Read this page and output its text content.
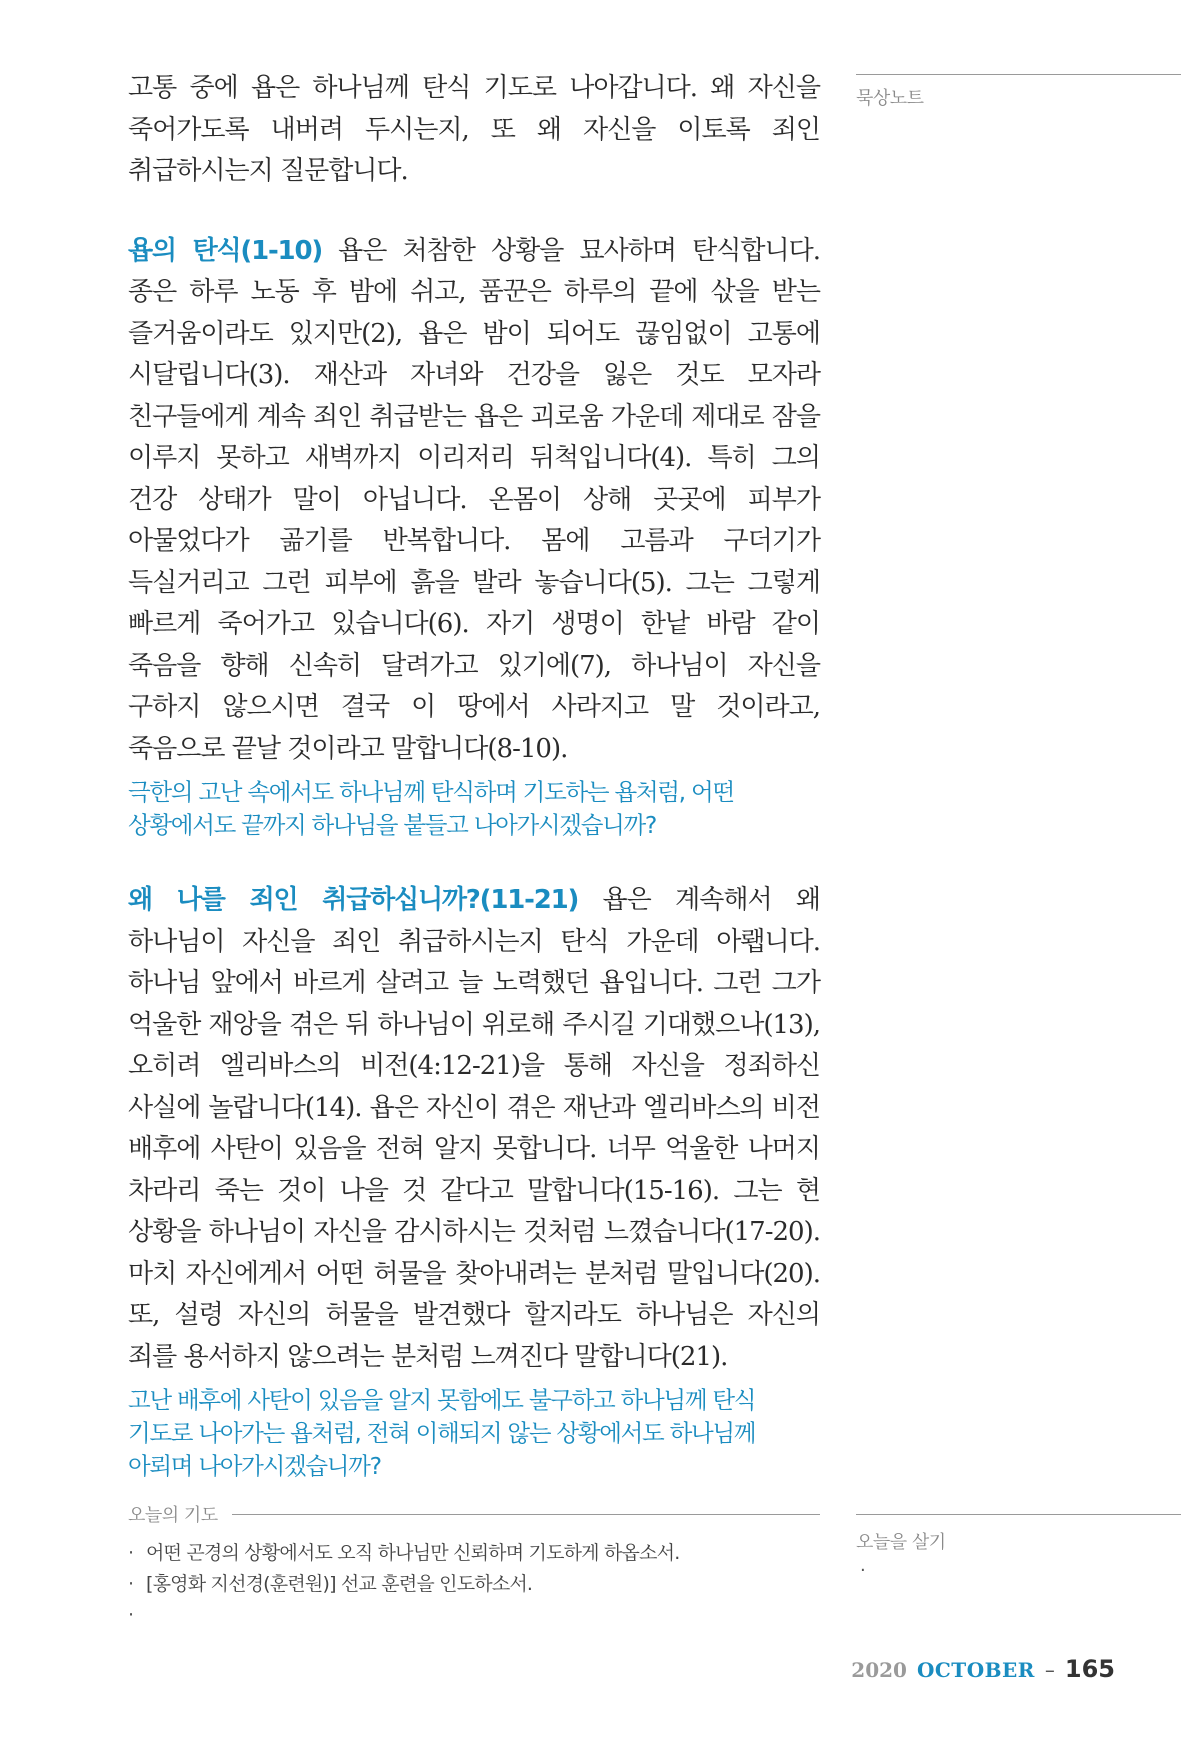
고통 중에 욥은 하나님께 탄식 기도로 나아갑니다. 왜 자신을 죽어가도록 내버려 두시는지, 또 왜 자신을 이토록 죄인 취급하시는지 질문합니다.

욥의 탄식(1-10) 욥은 처참한 상황을 묘사하며 탄식합니다. 종은 하루 노동 후 밤에 쉬고, 품꾼은 하루의 끝에 삯을 받는 즐거움이라도 있지만(2), 욥은 밤이 되어도 끊임없이 고통에 시달립니다(3). 재산과 자녀와 건강을 잃은 것도 모자라 친구들에게 계속 죄인 취급받는 욥은 괴로움 가운데 제대로 잠을 이루지 못하고 새벽까지 이리저리 뒤척입니다(4). 특히 그의 건강 상태가 말이 아닙니다. 온몸이 상해 곳곳에 피부가 아물었다가 곪기를 반복합니다. 몸에 고름과 구더기가 득실거리고 그런 피부에 흙을 발라 놓습니다(5). 그는 그렇게 빠르게 죽어가고 있습니다(6). 자기 생명이 한낱 바람 같이 죽음을 향해 신속히 달려가고 있기에(7), 하나님이 자신을 구하지 않으시면 결국 이 땅에서 사라지고 말 것이라고, 죽음으로 끝날 것이라고 말합니다(8-10).

극한의 고난 속에서도 하나님께 탄식하며 기도하는 욥처럼, 어떤 상황에서도 끝까지 하나님을 붙들고 나아가시겠습니까?

왜 나를 죄인 취급하십니까?(11-21) 욥은 계속해서 왜 하나님이 자신을 죄인 취급하시는지 탄식 가운데 아뢥니다. 하나님 앞에서 바르게 살려고 늘 노력했던 욥입니다. 그런 그가 억울한 재앙을 겪은 뒤 하나님이 위로해 주시길 기대했으나(13), 오히려 엘리바스의 비전(4:12-21)을 통해 자신을 정죄하신 사실에 놀랍니다(14). 욥은 자신이 겪은 재난과 엘리바스의 비전 배후에 사탄이 있음을 전혀 알지 못합니다. 너무 억울한 나머지 차라리 죽는 것이 나을 것 같다고 말합니다(15-16). 그는 현 상황을 하나님이 자신을 감시하시는 것처럼 느꼈습니다(17-20). 마치 자신에게서 어떤 허물을 찾아내려는 분처럼 말입니다(20). 또, 설령 자신의 허물을 발견했다 할지라도 하나님은 자신의 죄를 용서하지 않으려는 분처럼 느껴진다 말합니다(21).

고난 배후에 사탄이 있음을 알지 못함에도 불구하고 하나님께 탄식 기도로 나아가는 욥처럼, 전혀 이해되지 않는 상황에서도 하나님께 아뢰며 나아가시겠습니까?

묵상노트
오늘을 살기
·
오늘의 기도
· 어떤 곤경의 상황에서도 오직 하나님만 신뢰하며 기도하게 하옵소서.
· [홍영화 지선경(훈련원)] 선교 훈련을 인도하소서.
·
2020 OCTOBER – 165
